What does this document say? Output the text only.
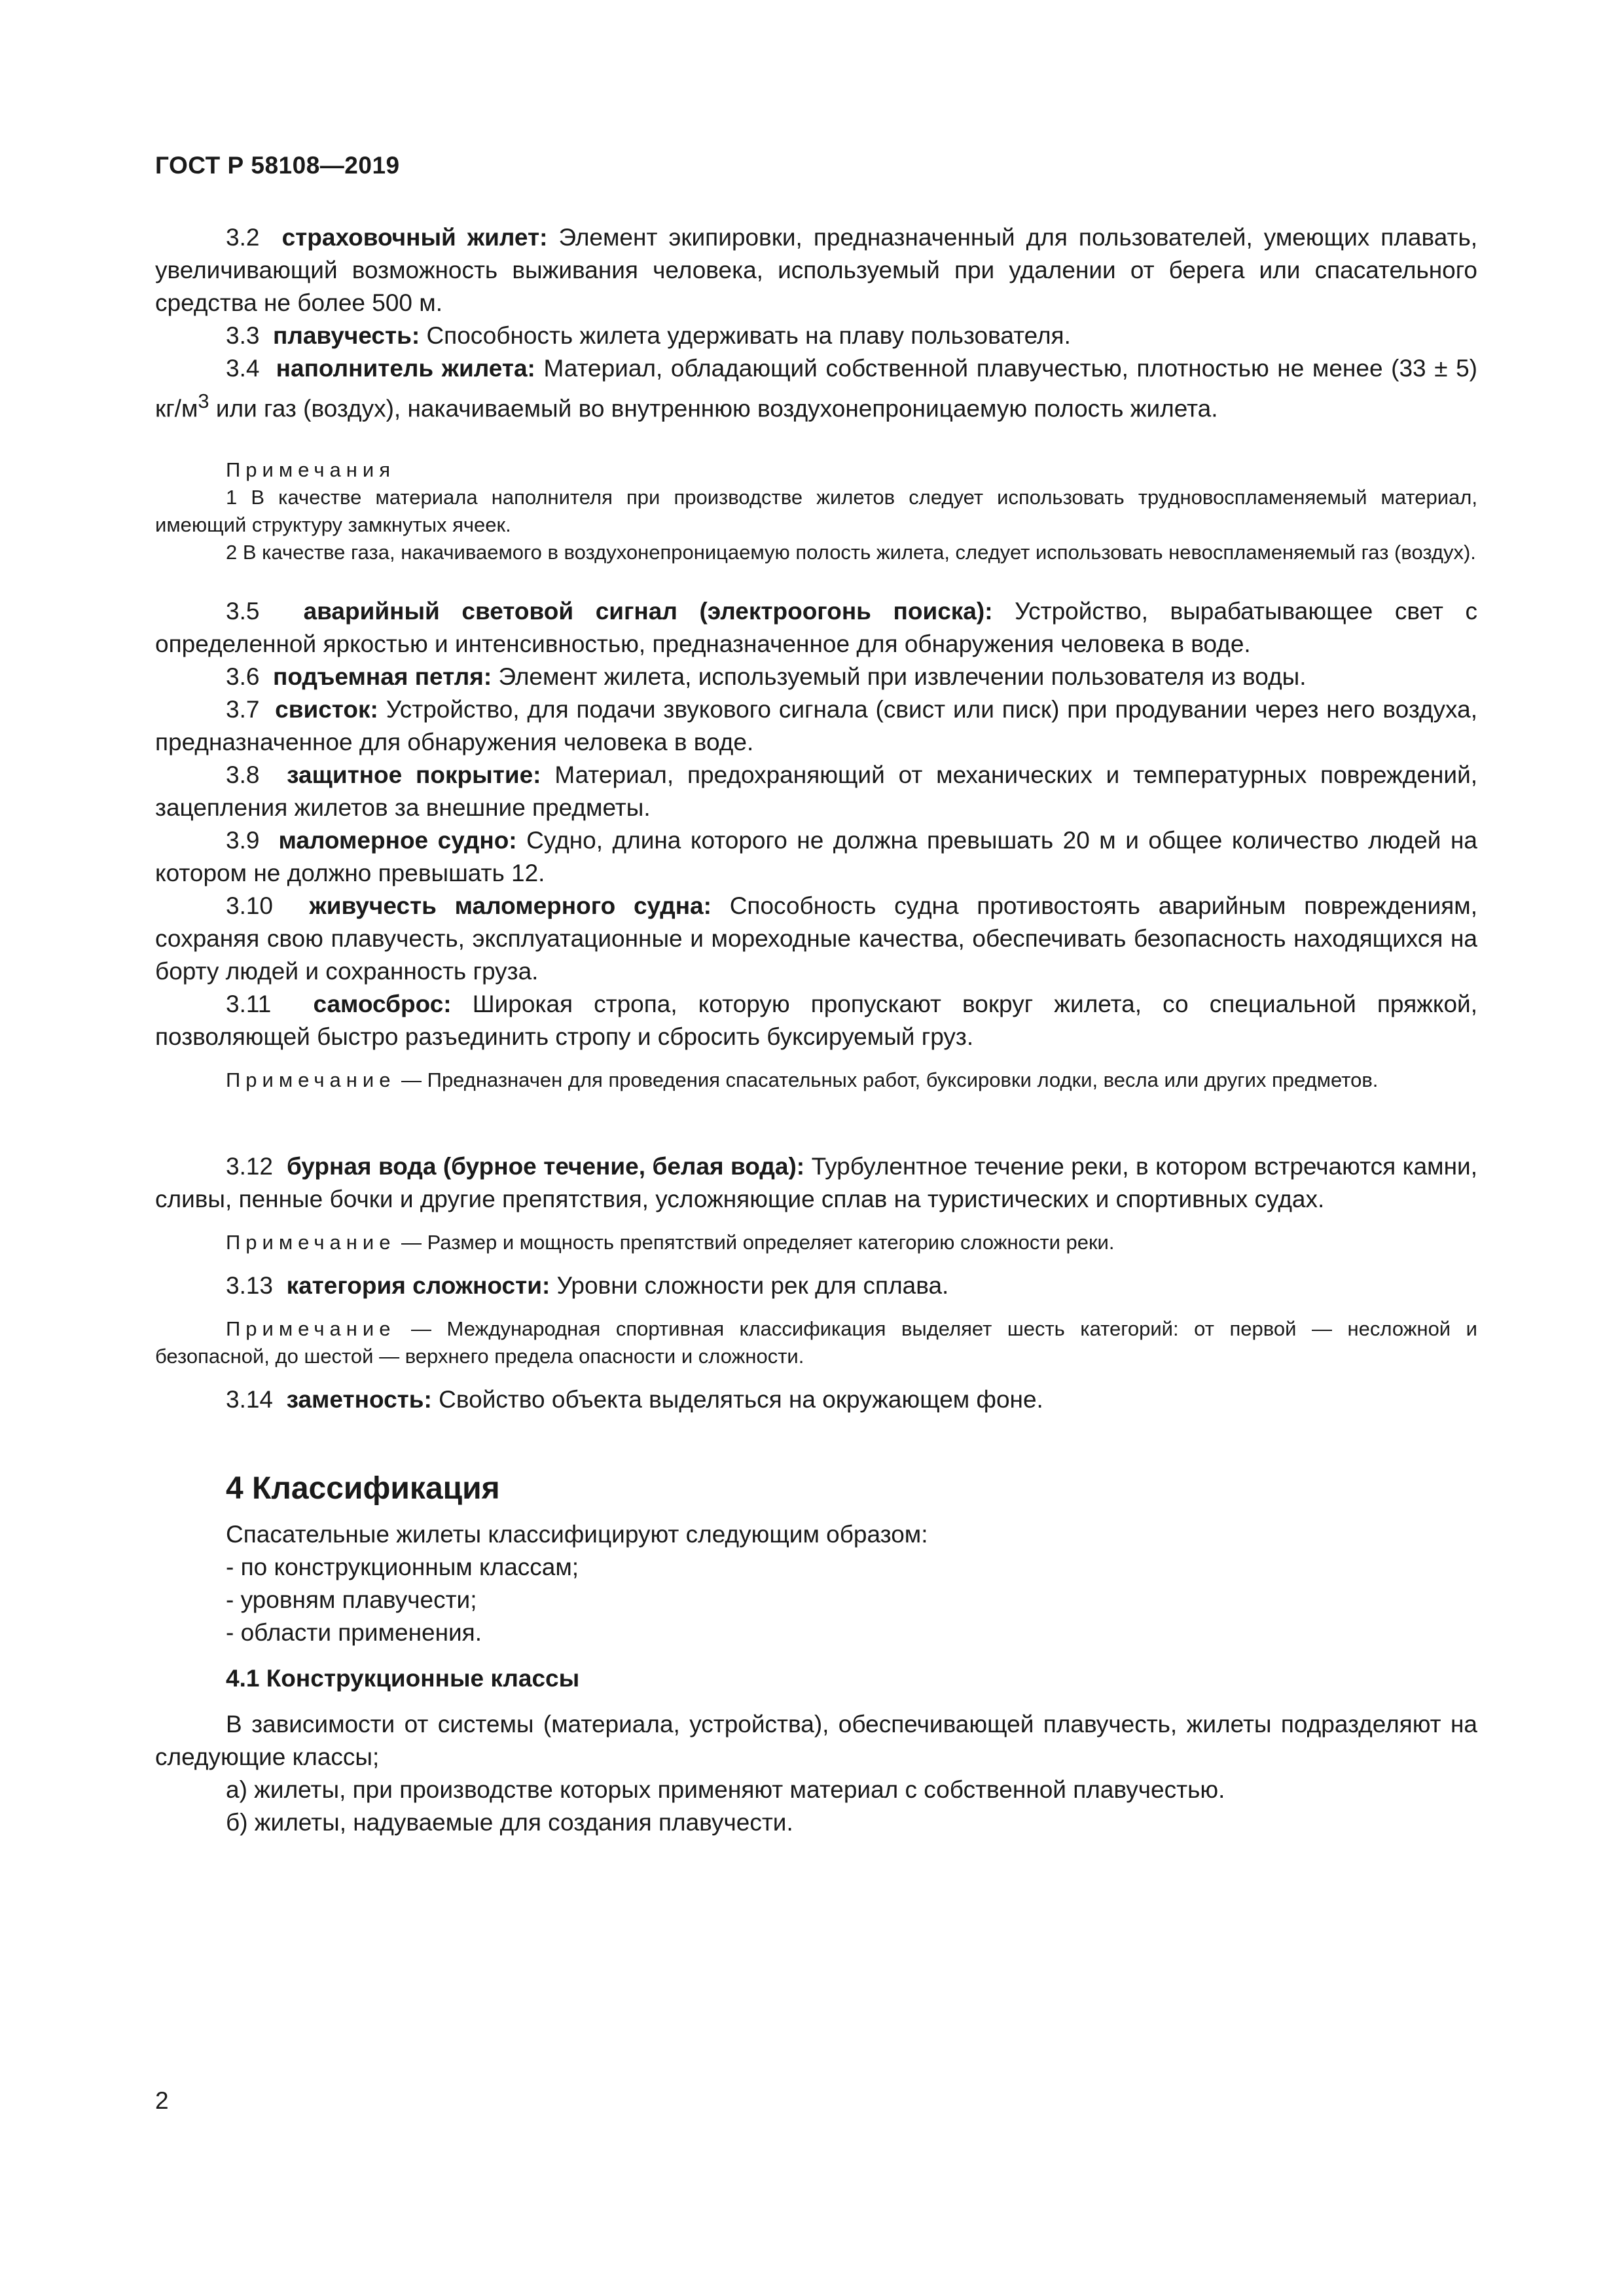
ГОСТ Р 58108—2019

3.2 страховочный жилет: Элемент экипировки, предназначенный для пользователей, умеющих плавать, увеличивающий возможность выживания человека, используемый при удалении от берега или спасательного средства не более 500 м.

3.3 плавучесть: Способность жилета удерживать на плаву пользователя.

3.4 наполнитель жилета: Материал, обладающий собственной плавучестью, плотностью не менее (33 ± 5) $кг/м^3$ или газ (воздух), накачиваемый во внутреннюю воздухонепроницаемую полость жилета.

Примечания

1 В качестве материала наполнителя при производстве жилетов следует использовать трудновоспламеняемый материал, имеющий структуру замкнутых ячеек.

2 В качестве газа, накачиваемого в воздухонепроницаемую полость жилета, следует использовать невоспламеняемый газ (воздух).

3.5 аварийный световой сигнал (электроогонь поиска): Устройство, вырабатывающее свет с определенной яркостью и интенсивностью, предназначенное для обнаружения человека в воде.

3.6 подъемная петля: Элемент жилета, используемый при извлечении пользователя из воды.

3.7 свисток: Устройство, для подачи звукового сигнала (свист или писк) при продувании через него воздуха, предназначенное для обнаружения человека в воде.

3.8 защитное покрытие: Материал, предохраняющий от механических и температурных повреждений, зацепления жилетов за внешние предметы.

3.9 маломерное судно: Судно, длина которого не должна превышать 20 м и общее количество людей на котором не должно превышать 12.

3.10 живучесть маломерного судна: Способность судна противостоять аварийным повреждениям, сохраняя свою плавучесть, эксплуатационные и мореходные качества, обеспечивать безопасность находящихся на борту людей и сохранность груза.

3.11 самосброс: Широкая стропа, которую пропускают вокруг жилета, со специальной пряжкой, позволяющей быстро разъединить стропу и сбросить буксируемый груз.

Примечание — Предназначен для проведения спасательных работ, буксировки лодки, весла или других предметов.

3.12 бурная вода (бурное течение, белая вода): Турбулентное течение реки, в котором встречаются камни, сливы, пенные бочки и другие препятствия, усложняющие сплав на туристических и спортивных судах.

Примечание — Размер и мощность препятствий определяет категорию сложности реки.

3.13 категория сложности: Уровни сложности рек для сплава.

Примечание — Международная спортивная классификация выделяет шесть категорий: от первой — несложной и безопасной, до шестой — верхнего предела опасности и сложности.

3.14 заметность: Свойство объекта выделяться на окружающем фоне.

4 Классификация

Спасательные жилеты классифицируют следующим образом:

- по конструкционным классам;

- уровням плавучести;

- области применения.

4.1 Конструкционные классы

В зависимости от системы (материала, устройства), обеспечивающей плавучесть, жилеты подразделяют на следующие классы;

а) жилеты, при производстве которых применяют материал с собственной плавучестью.

б) жилеты, надуваемые для создания плавучести.

2
